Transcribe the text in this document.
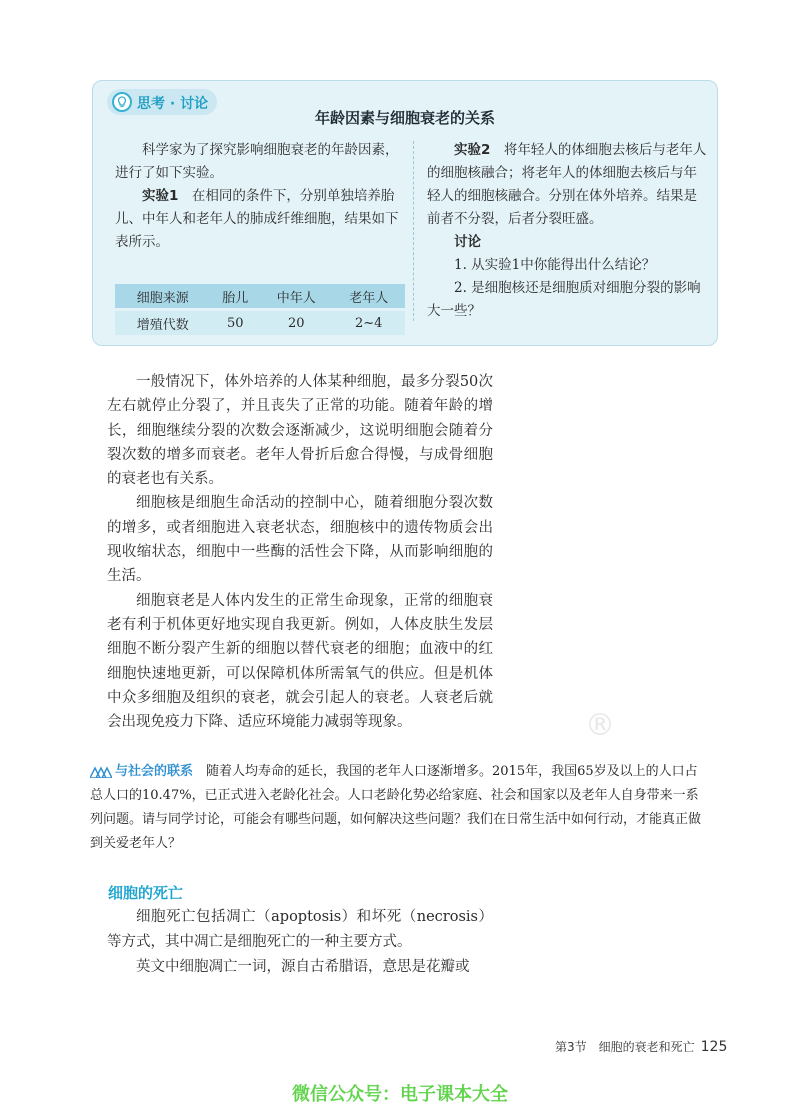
思考 · 讨论
年龄因素与细胞衰老的关系

科学家为了探究影响细胞衰老的年龄因素，进行了如下实验。

实验1　 在相同的条件下，分别单独培养胎儿、中年人和老年人的肺成纤维细胞，结果如下表所示。

细胞来源	胎儿	中年人	老年人
增殖代数	50	20	2~4

实验2　 将年轻人的体细胞去核后与老年人的细胞核融合；将老年人的体细胞去核后与年轻人的细胞核融合。分别在体外培养。结果是前者不分裂，后者分裂旺盛。

讨论

1. 从实验1中你能得出什么结论？

2. 是细胞核还是细胞质对细胞分裂的影响大一些？

一般情况下，体外培养的人体某种细胞，最多分裂50次左右就停止分裂了，并且丧失了正常的功能。随着年龄的增长，细胞继续分裂的次数会逐渐减少，这说明细胞会随着分裂次数的增多而衰老。老年人骨折后愈合得慢，与成骨细胞的衰老也有关系。

细胞核是细胞生命活动的控制中心，随着细胞分裂次数的增多，或者细胞进入衰老状态，细胞核中的遗传物质会出现收缩状态，细胞中一些酶的活性会下降，从而影响细胞的生活。

细胞衰老是人体内发生的正常生命现象，正常的细胞衰老有利于机体更好地实现自我更新。例如，人体皮肤生发层细胞不断分裂产生新的细胞以替代衰老的细胞；血液中的红细胞快速地更新，可以保障机体所需氧气的供应。但是机体中众多细胞及组织的衰老，就会引起人的衰老。人衰老后就会出现免疫力下降、适应环境能力减弱等现象。	®
与社会的联系　 随着人均寿命的延长，我国的老年人口逐渐增多。2015年，我国65岁及以上的人口占总人口的10.47%，已正式进入老龄化社会。人口老龄化势必给家庭、社会和国家以及老年人自身带来一系列问题。请与同学讨论，可能会有哪些问题，如何解决这些问题？我们在日常生活中如何行动，才能真正做到关爱老年人？
细胞的死亡

细胞死亡包括凋亡（apoptosis）和坏死（necrosis）等方式，其中凋亡是细胞死亡的一种主要方式。

英文中细胞凋亡一词，源自古希腊语，意思是花瓣或

第3节　细胞的衰老和死亡 125
微信公众号：电子课本大全
